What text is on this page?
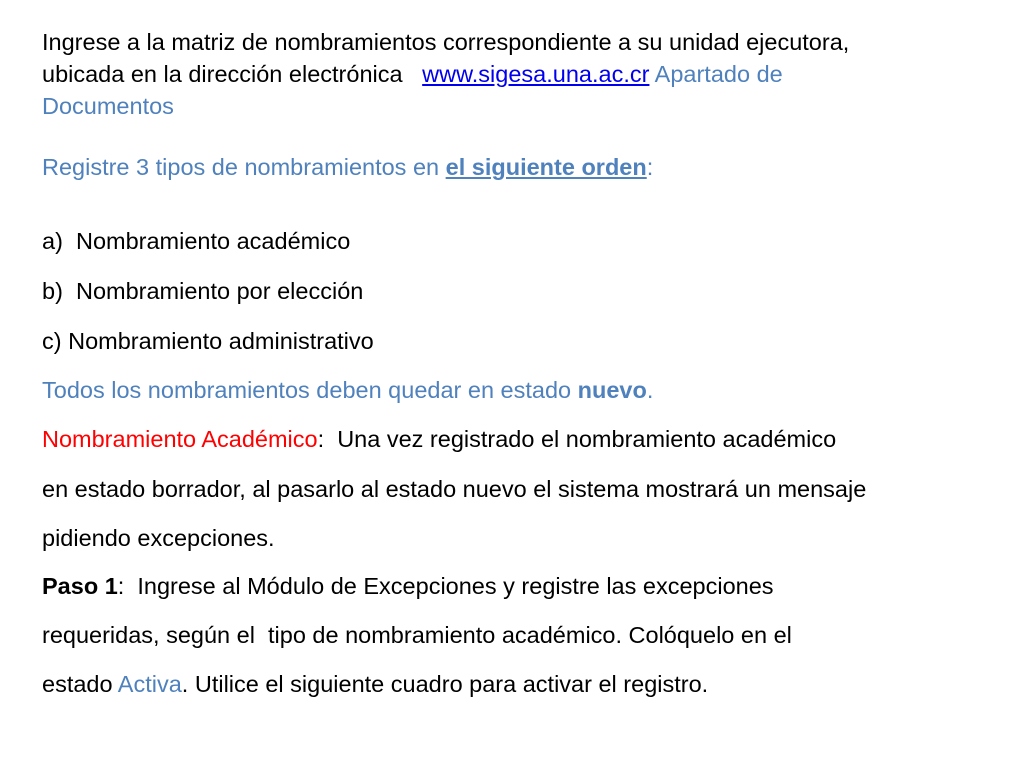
Ingrese a la matriz de nombramientos correspondiente a su unidad ejecutora,
ubicada en la dirección electrónica www.sigesa.una.ac.cr Apartado de
Documentos
Registre 3 tipos de nombramientos en el siguiente orden:
a) Nombramiento académico
b) Nombramiento por elección
c) Nombramiento administrativo
Todos los nombramientos deben quedar en estado nuevo.
Nombramiento Académico:  Una vez registrado el nombramiento académico
en estado borrador, al pasarlo al estado nuevo el sistema mostrará un mensaje
pidiendo excepciones.
Paso 1:  Ingrese al Módulo de Excepciones y registre las excepciones
requeridas, según el  tipo de nombramiento académico. Colóquelo en el
estado Activa. Utilice el siguiente cuadro para activar el registro.
